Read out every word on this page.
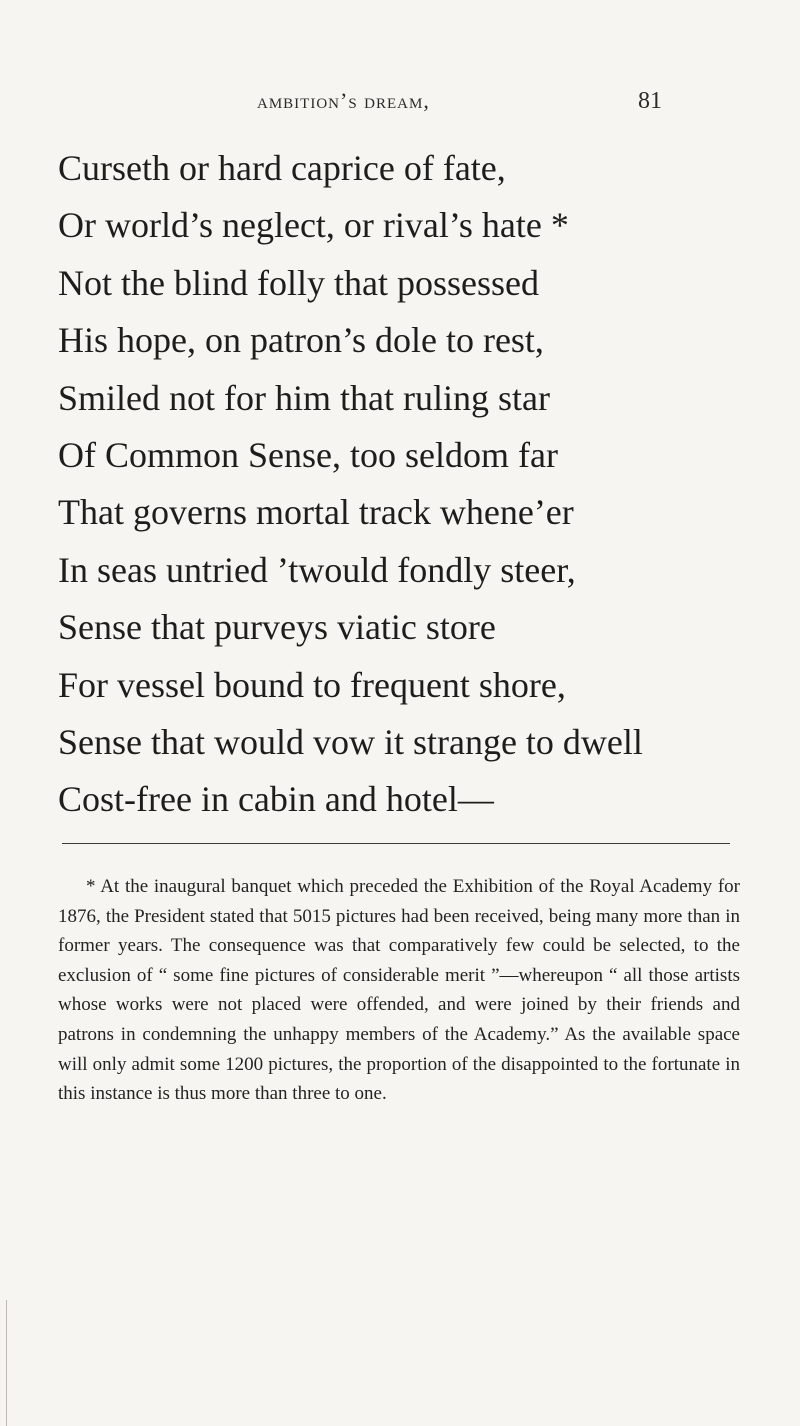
ambition’s dream,	81
Curseth or hard caprice of fate,
Or world’s neglect, or rival’s hate *
Not the blind folly that possessed
His hope, on patron’s dole to rest,
Smiled not for him that ruling star
Of Common Sense, too seldom far
That governs mortal track whene’er
In seas untried ’twould fondly steer,
Sense that purveys viatic store
For vessel bound to frequent shore,
Sense that would vow it strange to dwell
Cost-free in cabin and hotel—

* At the inaugural banquet which preceded the Exhibition of the Royal Academy for 1876, the President stated that 5015 pictures had been received, being many more than in former years. The consequence was that comparatively few could be selected, to the exclusion of “ some fine pictures of considerable merit ”—whereupon “ all those artists whose works were not placed were offended, and were joined by their friends and patrons in condemning the unhappy members of the Academy.” As the available space will only admit some 1200 pictures, the proportion of the disappointed to the fortunate in this instance is thus more than three to one.
